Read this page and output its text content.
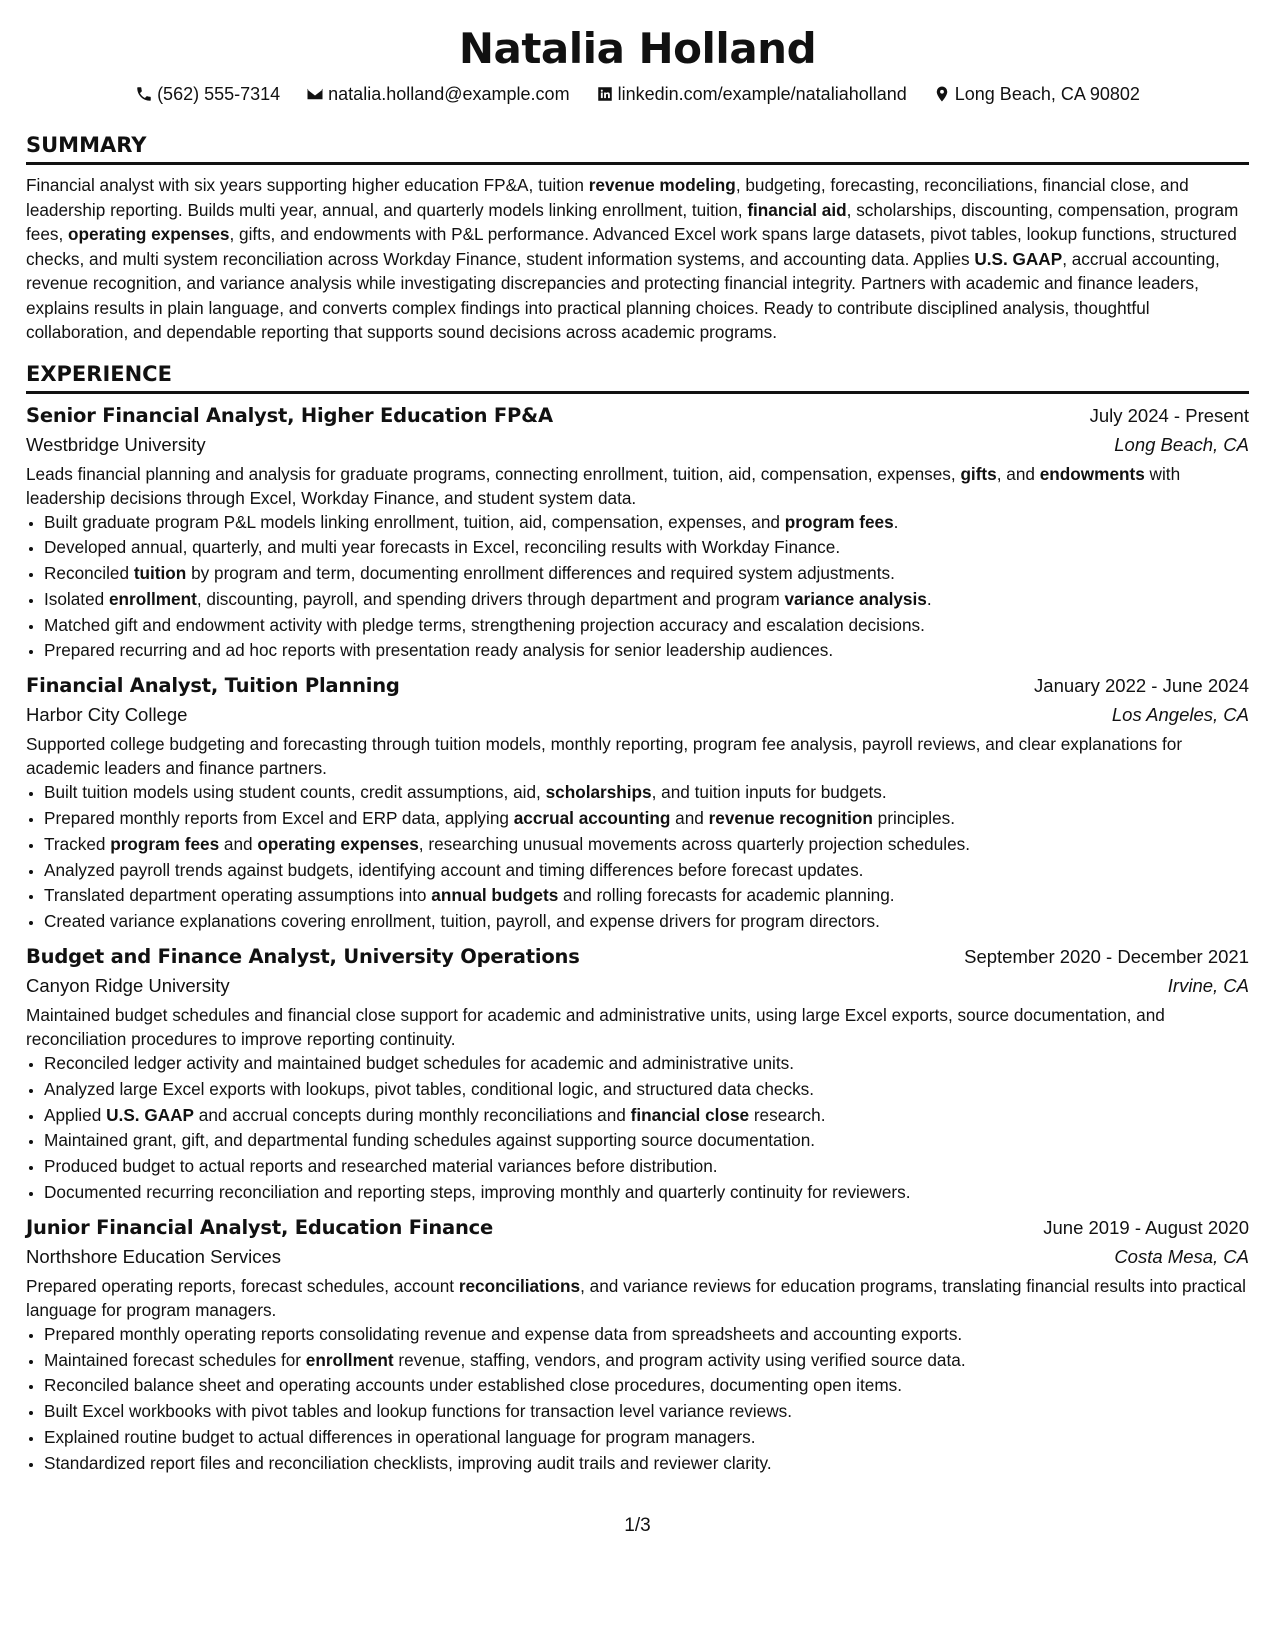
Natalia Holland
(562) 555-7314	natalia.holland@example.com	linkedin.com/example/nataliaholland	Long Beach, CA 90802
SUMMARY

Financial analyst with six years supporting higher education FP&A, tuition revenue modeling, budgeting, forecasting, reconciliations, financial close, and leadership reporting. Builds multi year, annual, and quarterly models linking enrollment, tuition, financial aid, scholarships, discounting, compensation, program fees, operating expenses, gifts, and endowments with P&L performance. Advanced Excel work spans large datasets, pivot tables, lookup functions, structured checks, and multi system reconciliation across Workday Finance, student information systems, and accounting data. Applies U.S. GAAP, accrual accounting, revenue recognition, and variance analysis while investigating discrepancies and protecting financial integrity. Partners with academic and finance leaders, explains results in plain language, and converts complex findings into practical planning choices. Ready to contribute disciplined analysis, thoughtful collaboration, and dependable reporting that supports sound decisions across academic programs.

EXPERIENCE
Senior Financial Analyst, Higher Education FP&A	July 2024 - Present
Westbridge University	Long Beach, CA

Leads financial planning and analysis for graduate programs, connecting enrollment, tuition, aid, compensation, expenses, gifts, and endowments with leadership decisions through Excel, Workday Finance, and student system data.

• Built graduate program P&L models linking enrollment, tuition, aid, compensation, expenses, and program fees.
• Developed annual, quarterly, and multi year forecasts in Excel, reconciling results with Workday Finance.
• Reconciled tuition by program and term, documenting enrollment differences and required system adjustments.
• Isolated enrollment, discounting, payroll, and spending drivers through department and program variance analysis.
• Matched gift and endowment activity with pledge terms, strengthening projection accuracy and escalation decisions.
• Prepared recurring and ad hoc reports with presentation ready analysis for senior leadership audiences.
Financial Analyst, Tuition Planning	January 2022 - June 2024
Harbor City College	Los Angeles, CA

Supported college budgeting and forecasting through tuition models, monthly reporting, program fee analysis, payroll reviews, and clear explanations for academic leaders and finance partners.

• Built tuition models using student counts, credit assumptions, aid, scholarships, and tuition inputs for budgets.
• Prepared monthly reports from Excel and ERP data, applying accrual accounting and revenue recognition principles.
• Tracked program fees and operating expenses, researching unusual movements across quarterly projection schedules.
• Analyzed payroll trends against budgets, identifying account and timing differences before forecast updates.
• Translated department operating assumptions into annual budgets and rolling forecasts for academic planning.
• Created variance explanations covering enrollment, tuition, payroll, and expense drivers for program directors.
Budget and Finance Analyst, University Operations	September 2020 - December 2021
Canyon Ridge University	Irvine, CA

Maintained budget schedules and financial close support for academic and administrative units, using large Excel exports, source documentation, and reconciliation procedures to improve reporting continuity.

• Reconciled ledger activity and maintained budget schedules for academic and administrative units.
• Analyzed large Excel exports with lookups, pivot tables, conditional logic, and structured data checks.
• Applied U.S. GAAP and accrual concepts during monthly reconciliations and financial close research.
• Maintained grant, gift, and departmental funding schedules against supporting source documentation.
• Produced budget to actual reports and researched material variances before distribution.
• Documented recurring reconciliation and reporting steps, improving monthly and quarterly continuity for reviewers.
Junior Financial Analyst, Education Finance	June 2019 - August 2020
Northshore Education Services	Costa Mesa, CA

Prepared operating reports, forecast schedules, account reconciliations, and variance reviews for education programs, translating financial results into practical language for program managers.

• Prepared monthly operating reports consolidating revenue and expense data from spreadsheets and accounting exports.
• Maintained forecast schedules for enrollment revenue, staffing, vendors, and program activity using verified source data.
• Reconciled balance sheet and operating accounts under established close procedures, documenting open items.
• Built Excel workbooks with pivot tables and lookup functions for transaction level variance reviews.
• Explained routine budget to actual differences in operational language for program managers.
• Standardized report files and reconciliation checklists, improving audit trails and reviewer clarity.
1/3
